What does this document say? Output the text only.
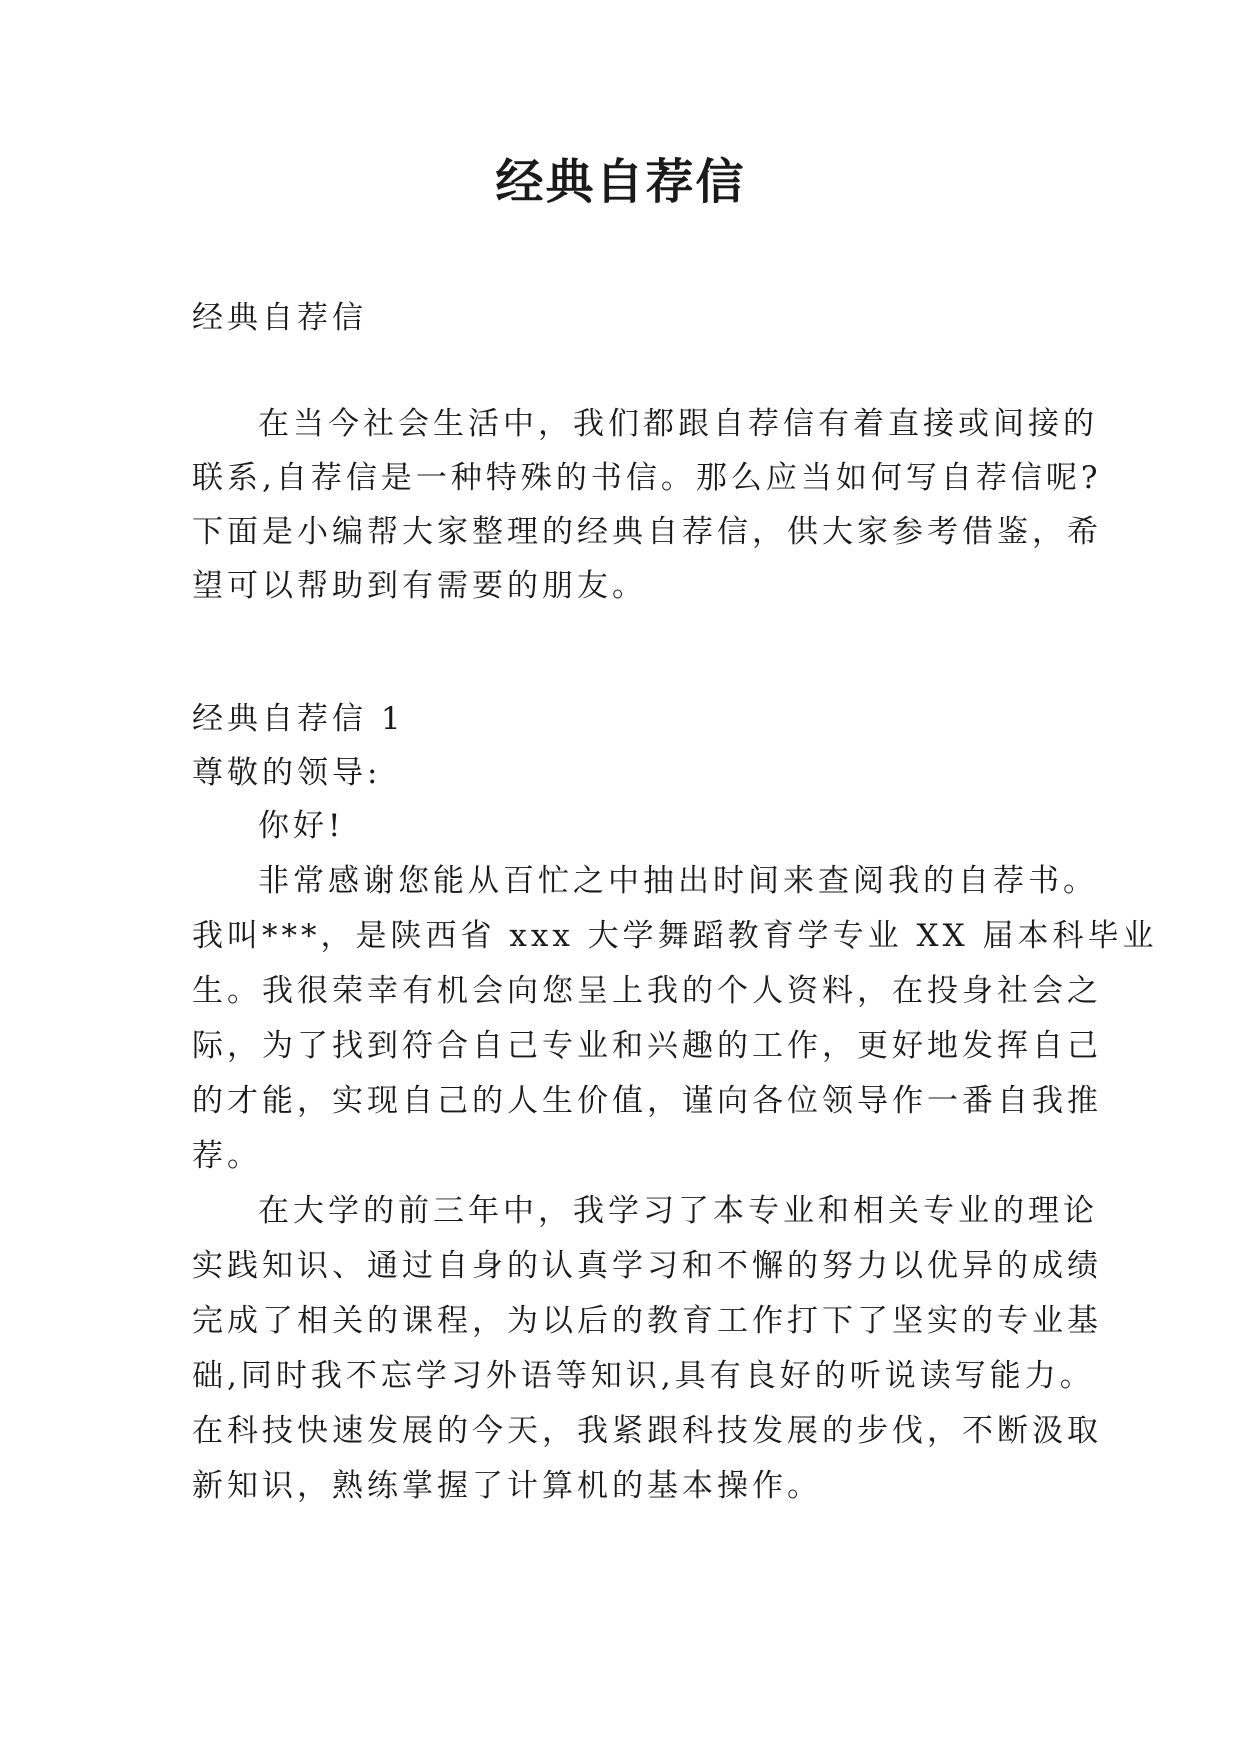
经典自荐信
经典自荐信
在当今社会生活中，我们都跟自荐信有着直接或间接的
联系,自荐信是一种特殊的书信。那么应当如何写自荐信呢?
下面是小编帮大家整理的经典自荐信，供大家参考借鉴，希
望可以帮助到有需要的朋友。
经典自荐信 1
尊敬的领导:
你好!
非常感谢您能从百忙之中抽出时间来查阅我的自荐书。
我叫***，是陕西省 xxx 大学舞蹈教育学专业 XX 届本科毕业
生。我很荣幸有机会向您呈上我的个人资料，在投身社会之
际，为了找到符合自己专业和兴趣的工作，更好地发挥自己
的才能，实现自己的人生价值，谨向各位领导作一番自我推
荐。
在大学的前三年中，我学习了本专业和相关专业的理论
实践知识、通过自身的认真学习和不懈的努力以优异的成绩
完成了相关的课程，为以后的教育工作打下了坚实的专业基
础,同时我不忘学习外语等知识,具有良好的听说读写能力。
在科技快速发展的今天，我紧跟科技发展的步伐，不断汲取
新知识，熟练掌握了计算机的基本操作。
